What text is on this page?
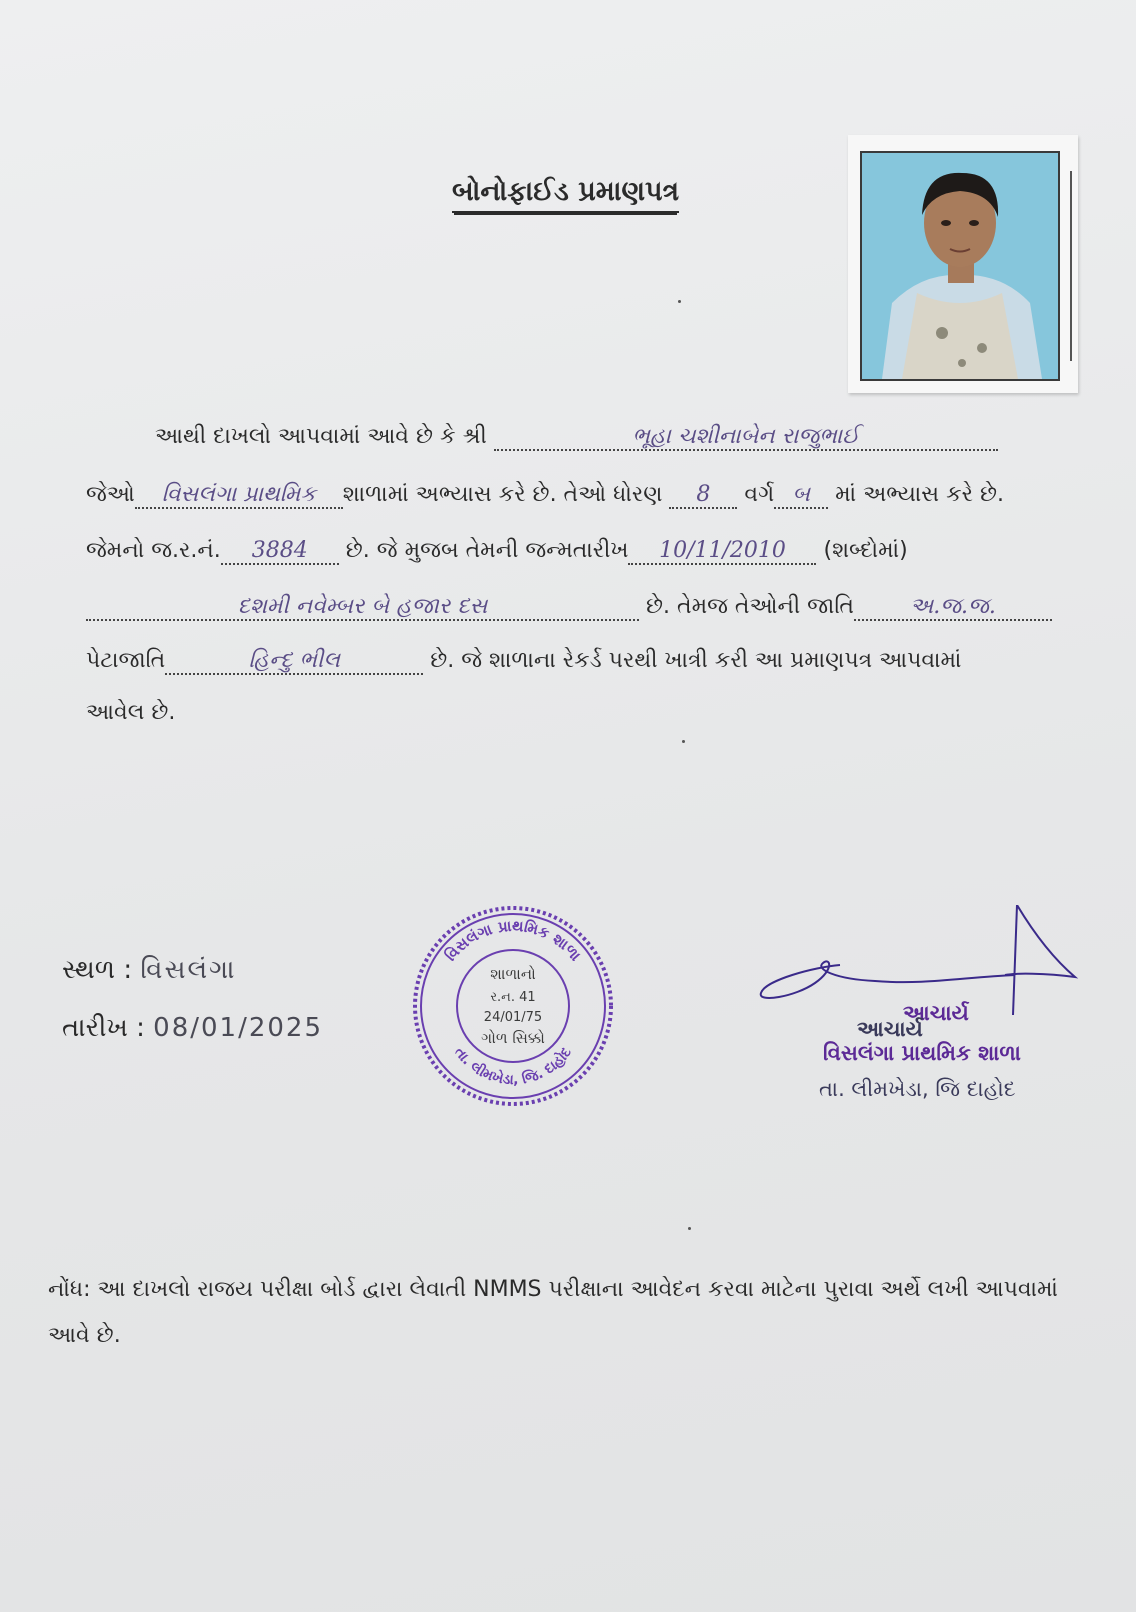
બોનોફાઈડ પ્રમાણપત્ર
આથી દાખલો આપવામાં આવે છે કે શ્રી	ભૂહા ચશીનાબેન રાજુભાઈ
જેઓ વિસલંગા પ્રાથમિક શાળામાં અભ્યાસ કરે છે. તેઓ ધોરણ 8 વર્ગ બ માં અભ્યાસ કરે છે.
જેમનો જ.ર.નં. 3884 છે. જે મુજબ તેમની જન્મતારીખ 10/11/2010 (શબ્દોમાં)
દશમી નવેમ્બર બે હજાર દસ	છે. તેમજ તેઓની જાતિ	અ.જ.જ.
પેટાજાતિ	હિન્દુ ભીલ	છે. જે શાળાના રેકર્ડ પરથી ખાત્રી કરી આ પ્રમાણપત્ર આપવામાં
આવેલ છે.
સ્થળ : વિસલંગા
તારીખ : 08/01/2025
વિસલંગા પ્રાથમિક શાળા
તા. લીમખેડા, જિ. દાહોદ
શાળાનો
ર.ન. 41
24/01/75
ગોળ સિક્કો
આચાર્ય
આચાર્ય
વિસલંગા પ્રાથમિક શાળા
તા. લીમખેડા, જિ દાહોદ
નોંધ: આ દાખલો રાજય પરીક્ષા બોર્ડ દ્વારા લેવાતી NMMS પરીક્ષાના આવેદન કરવા માટેના પુરાવા અર્થે લખી આપવામાં આવે છે.
